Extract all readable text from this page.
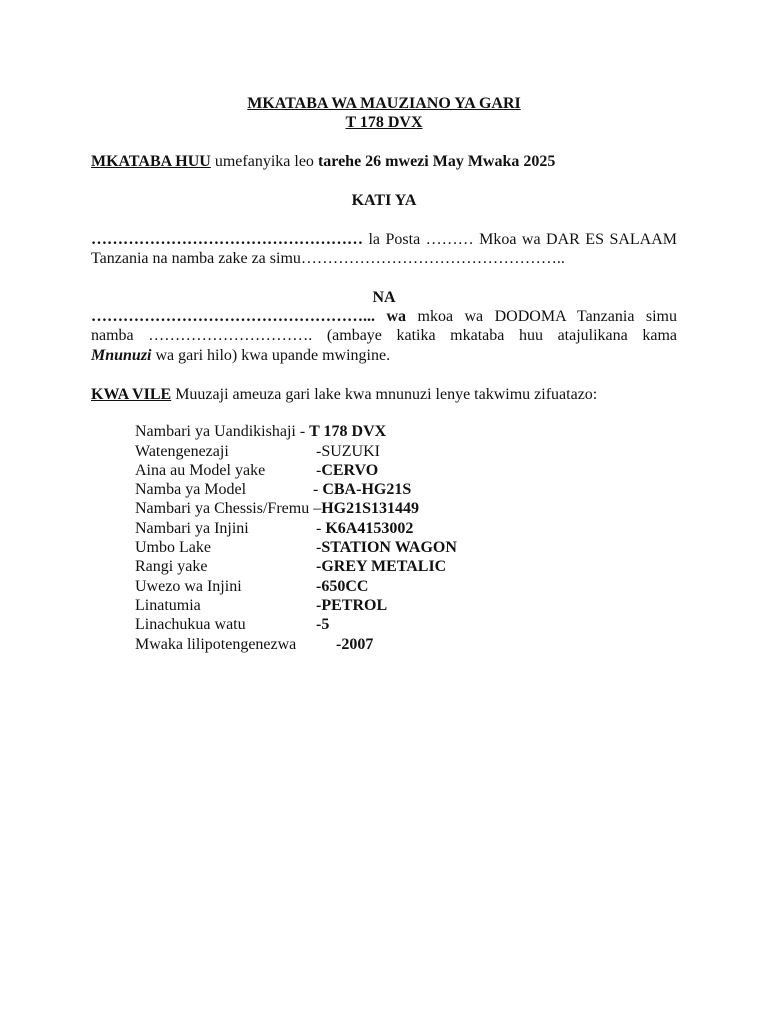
MKATABA WA MAUZIANO YA GARI

T 178 DVX

MKATABA HUU umefanyika leo tarehe 26 mwezi May Mwaka 2025

KATI YA

…………………………………………… la Posta ……… Mkoa wa DAR ES SALAAM

Tanzania na namba zake za simu…………………………………………..

NA

……………………………………………... wa mkoa wa DODOMA Tanzania simu

namba …………………………. (ambaye katika mkataba huu atajulikana kama

Mnunuzi wa gari hilo) kwa upande mwingine.

KWA VILE Muuzaji ameuza gari lake kwa mnunuzi lenye takwimu zifuatazo:

Nambari ya Uandikishaji - T 178 DVX
Watengenezaji	-SUZUKI
Aina au Model yake	-CERVO
Namba ya Model	- CBA-HG21S
Nambari ya Chessis/Fremu –HG21S131449
Nambari ya Injini	- K6A4153002
Umbo Lake	-STATION WAGON
Rangi yake	-GREY METALIC
Uwezo wa Injini	-650CC
Linatumia	-PETROL
Linachukua watu	-5
Mwaka lilipotengenezwa -2007
